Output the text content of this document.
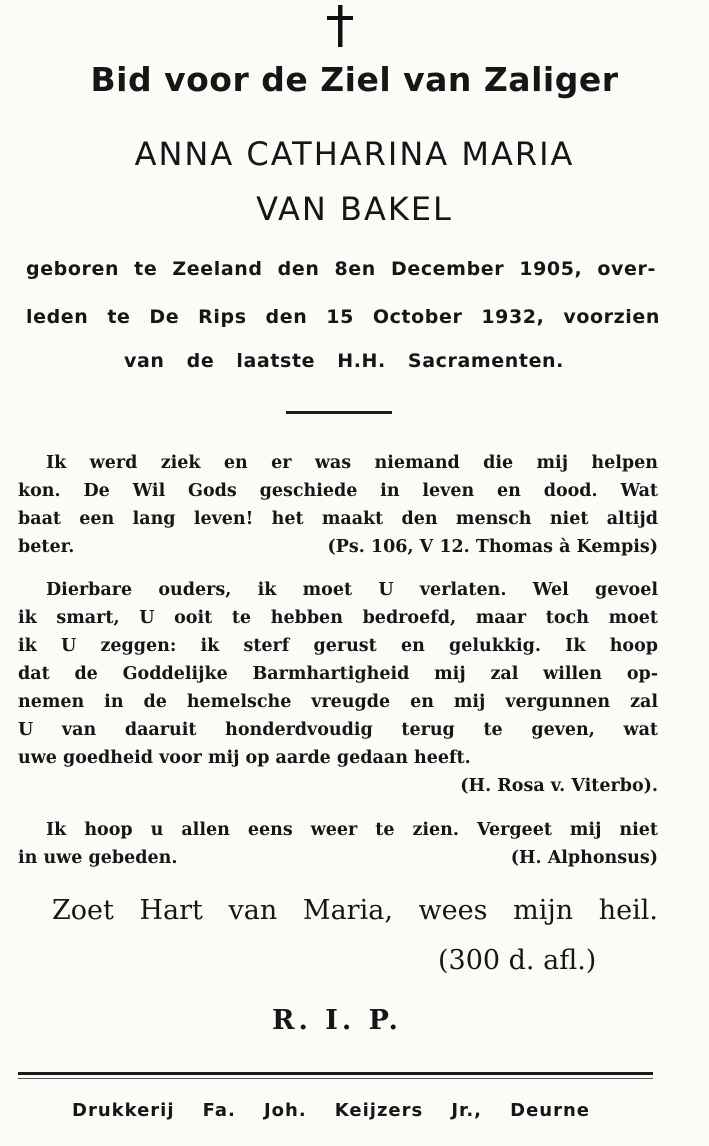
Bid voor de Ziel van Zaliger
ANNA CATHARINA MARIA
VAN BAKEL
geboren te Zeeland den 8en December 1905, over-
leden te De Rips den 15 October 1932, voorzien
van de laatste H.H. Sacramenten.
Ik werd ziek en er was niemand die mij helpen
kon. De Wil Gods geschiede in leven en dood. Wat
baat een lang leven! het maakt den mensch niet altijd
beter.	(Ps. 106, V 12. Thomas à Kempis)
Dierbare ouders, ik moet U verlaten. Wel gevoel
ik smart, U ooit te hebben bedroefd, maar toch moet
ik U zeggen: ik sterf gerust en gelukkig. Ik hoop
dat de Goddelijke Barmhartigheid mij zal willen op-
nemen in de hemelsche vreugde en mij vergunnen zal
U van daaruit honderdvoudig terug te geven, wat
uwe goedheid voor mij op aarde gedaan heeft.
(H. Rosa v. Viterbo).
Ik hoop u allen eens weer te zien. Vergeet mij niet
in uwe gebeden.	(H. Alphonsus)
Zoet Hart van Maria, wees mijn heil.
(300 d. afl.)
R. I. P.
Drukkerij Fa. Joh. Keijzers Jr., Deurne
